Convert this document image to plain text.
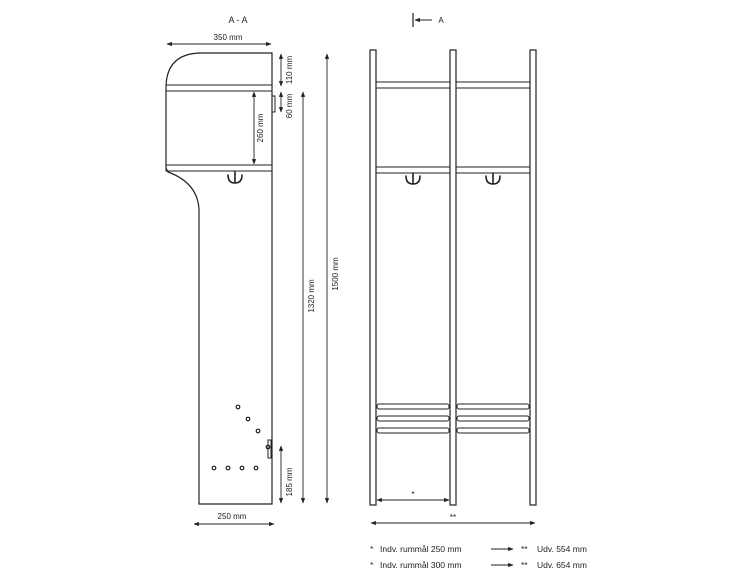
A - A
350 mm
110 mm
60 mm
260 mm
1320 mm
1500 mm
185 mm
250 mm
A
*
**
* Indv. rummål 250 mm	** Udv. 554 mm
* Indv. rummål 300 mm	** Udv. 654 mm
